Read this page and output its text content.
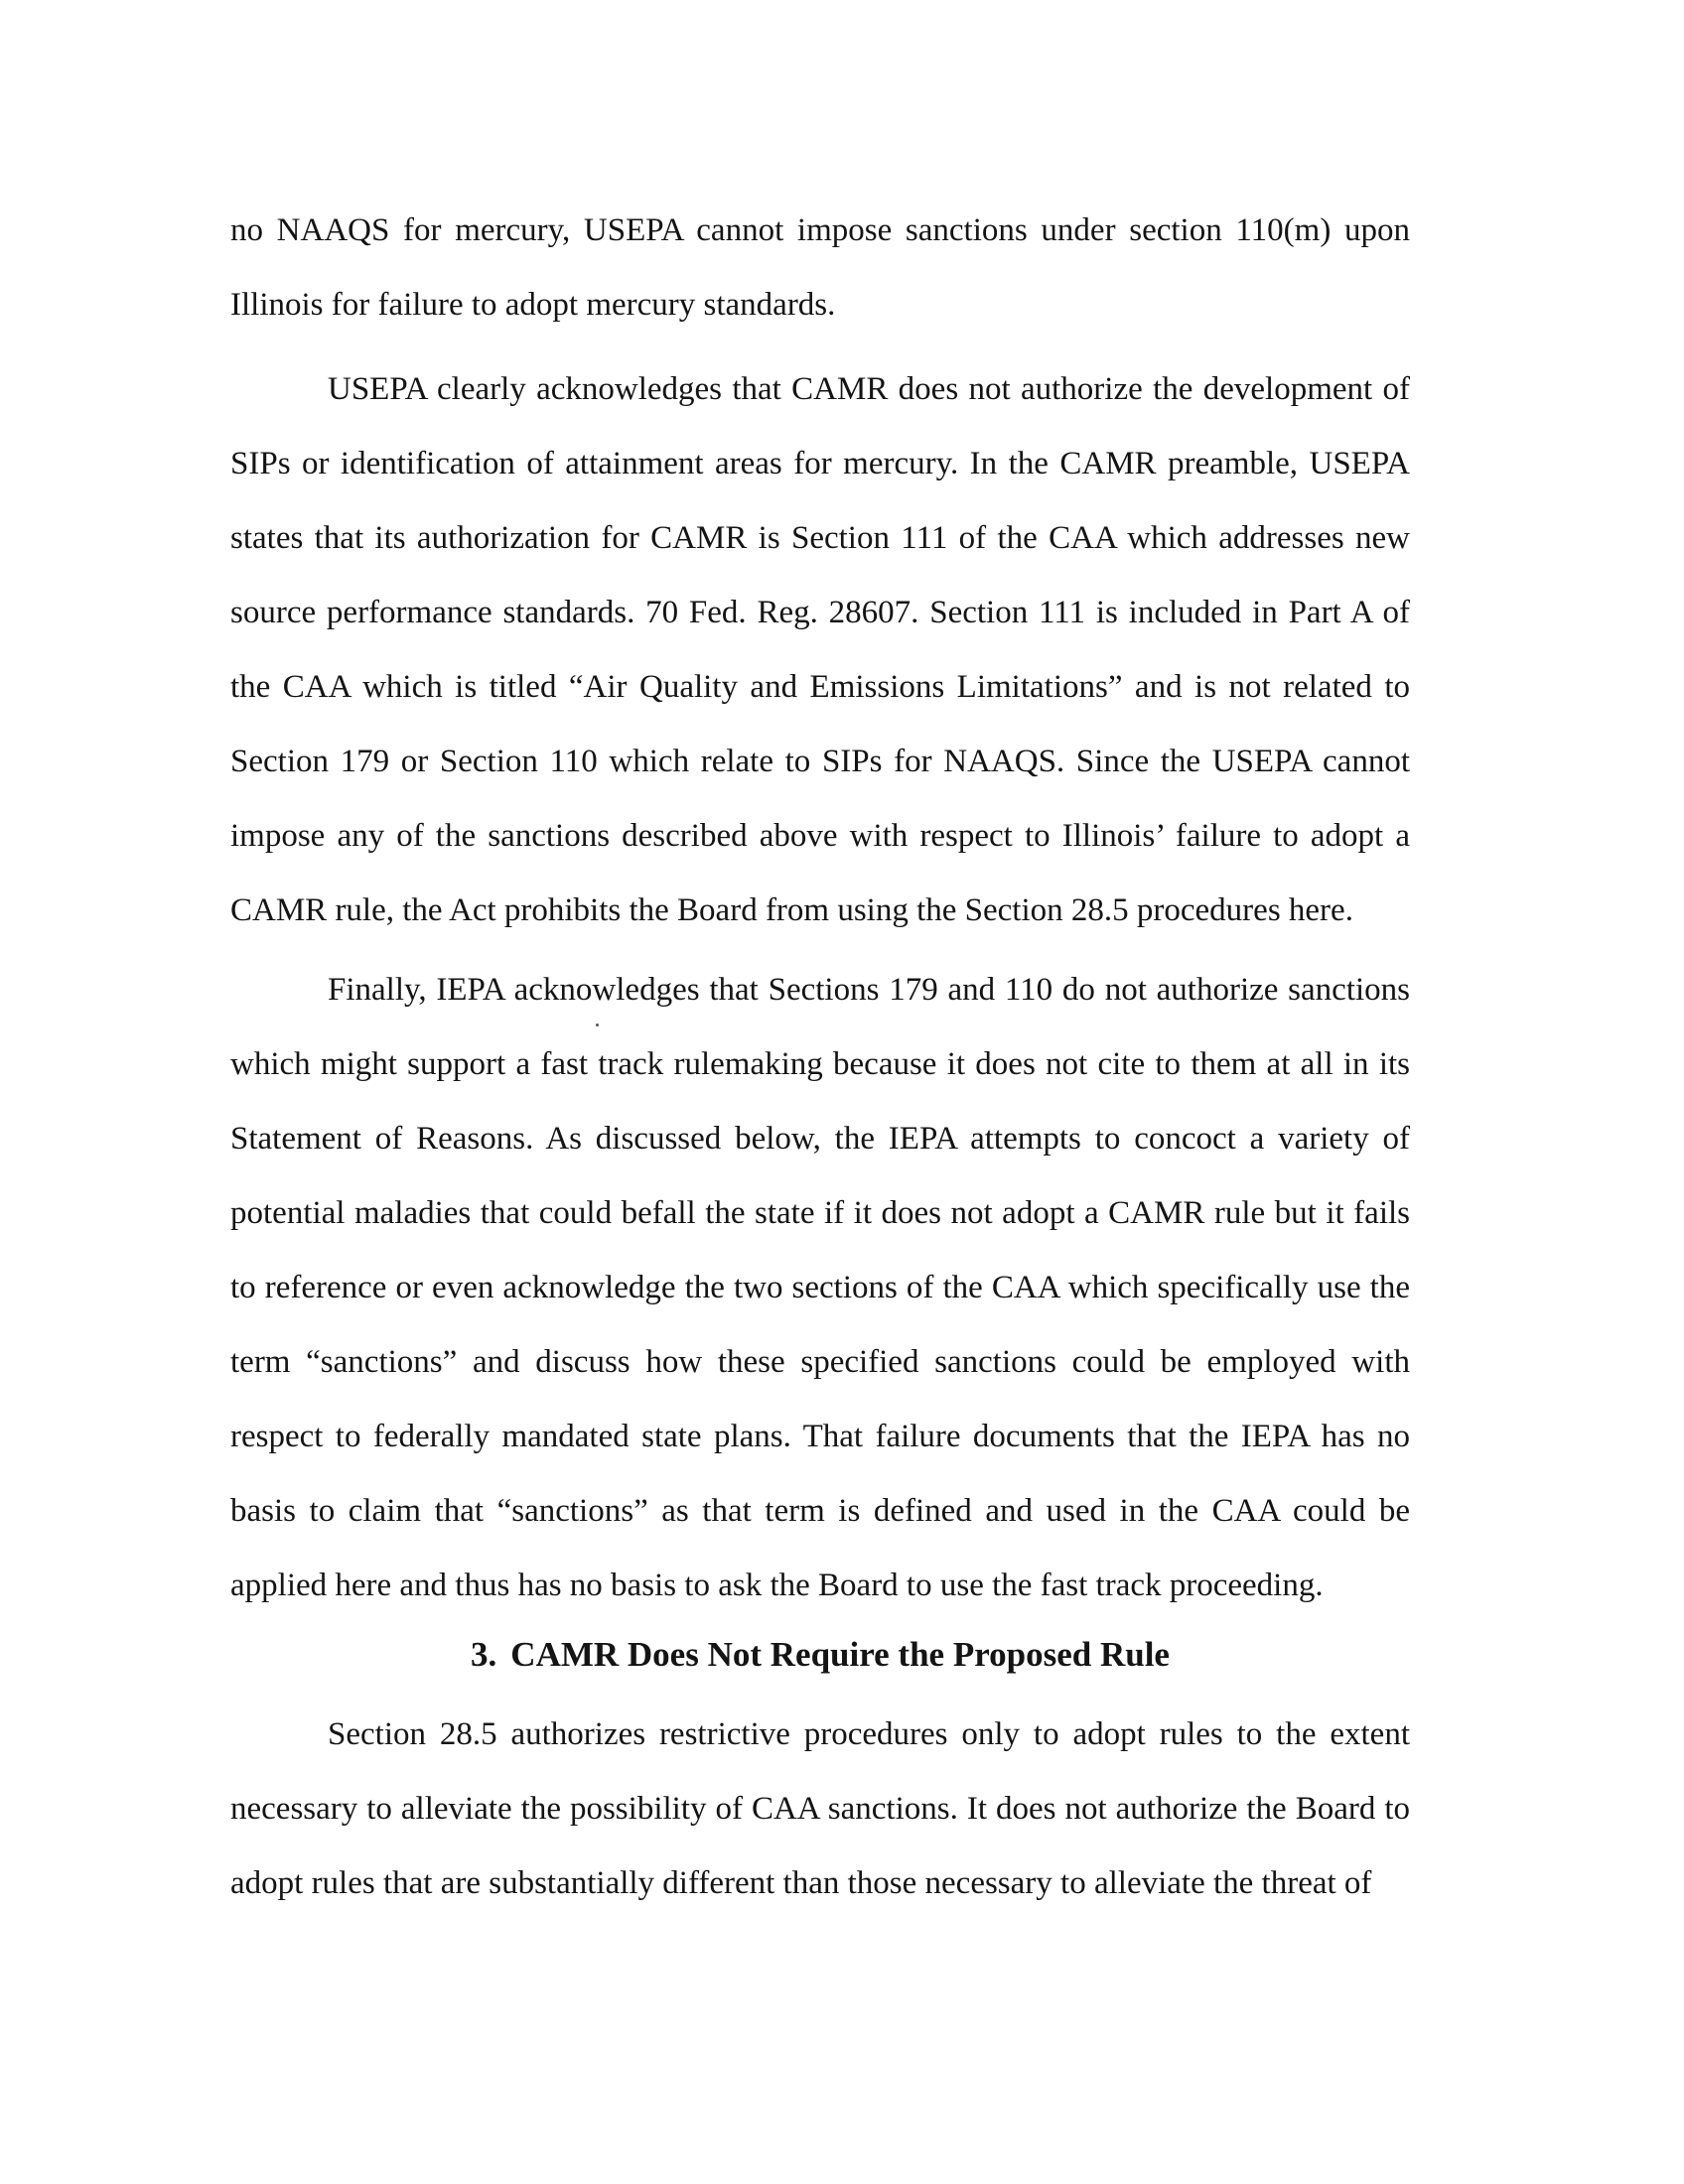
no NAAQS for mercury, USEPA cannot impose sanctions under section 110(m) upon Illinois for failure to adopt mercury standards.

USEPA clearly acknowledges that CAMR does not authorize the development of SIPs or identification of attainment areas for mercury. In the CAMR preamble, USEPA states that its authorization for CAMR is Section 111 of the CAA which addresses new source performance standards. 70 Fed. Reg. 28607. Section 111 is included in Part A of the CAA which is titled “Air Quality and Emissions Limitations” and is not related to Section 179 or Section 110 which relate to SIPs for NAAQS. Since the USEPA cannot impose any of the sanctions described above with respect to Illinois’ failure to adopt a CAMR rule, the Act prohibits the Board from using the Section 28.5 procedures here.

Finally, IEPA acknowledges that Sections 179 and 110 do not authorize sanctions which might support a fast track rulemaking because it does not cite to them at all in its Statement of Reasons. As discussed below, the IEPA attempts to concoct a variety of potential maladies that could befall the state if it does not adopt a CAMR rule but it fails to reference or even acknowledge the two sections of the CAA which specifically use the term “sanctions” and discuss how these specified sanctions could be employed with respect to federally mandated state plans. That failure documents that the IEPA has no basis to claim that “sanctions” as that term is defined and used in the CAA could be applied here and thus has no basis to ask the Board to use the fast track proceeding.

3. CAMR Does Not Require the Proposed Rule

Section 28.5 authorizes restrictive procedures only to adopt rules to the extent necessary to alleviate the possibility of CAA sanctions. It does not authorize the Board to adopt rules that are substantially different than those necessary to alleviate the threat of
